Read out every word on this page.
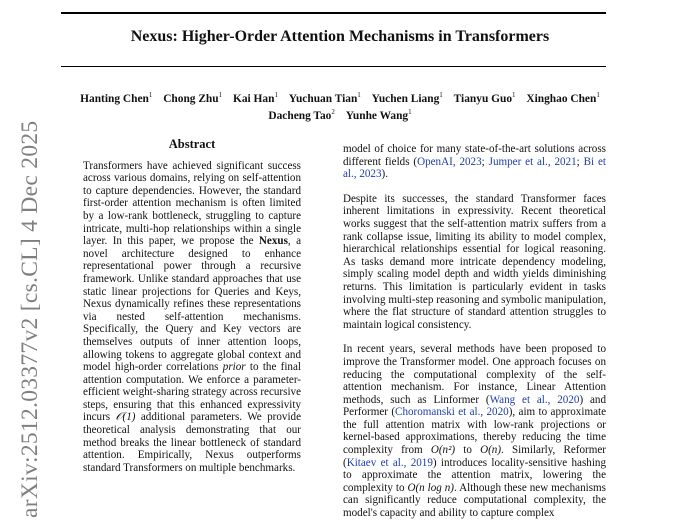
Nexus: Higher-Order Attention Mechanisms in Transformers
Hanting Chen$^1$ Chong Zhu$^1$ Kai Han$^1$ Yuchuan Tian$^1$ Yuchen Liang$^1$ Tianyu Guo$^1$ Xinghao Chen$^1$
Dacheng Tao$^2$ Yunhe Wang$^1$
arXiv:2512.03377v2 [cs.CL] 4 Dec 2025	Abstract

Transformers have achieved significant success across various domains, relying on self-attention to capture dependencies. However, the standard first-order attention mechanism is often limited by a low-rank bottleneck, struggling to capture intricate, multi-hop relationships within a single layer. In this paper, we propose the Nexus, a novel architecture designed to enhance representational power through a recursive framework. Unlike standard approaches that use static linear projections for Queries and Keys, Nexus dynamically refines these representations via nested self-attention mechanisms. Specifically, the Query and Key vectors are themselves outputs of inner attention loops, allowing tokens to aggregate global context and model high-order correlations prior to the final attention computation. We enforce a parameter-efficient weight-sharing strategy across recursive steps, ensuring that this enhanced expressivity incurs 𝒪(1) additional parameters. We provide theoretical analysis demonstrating that our method breaks the linear bottleneck of standard attention. Empirically, Nexus outperforms standard Transformers on multiple benchmarks.

model of choice for many state-of-the-art solutions across different fields (OpenAI, 2023; Jumper et al., 2021; Bi et al., 2023).

Despite its successes, the standard Transformer faces inherent limitations in expressivity. Recent theoretical works suggest that the self-attention matrix suffers from a rank collapse issue, limiting its ability to model complex, hierarchical relationships essential for logical reasoning. As tasks demand more intricate dependency modeling, simply scaling model depth and width yields diminishing returns. This limitation is particularly evident in tasks involving multi-step reasoning and symbolic manipulation, where the flat structure of standard attention struggles to maintain logical consistency.

In recent years, several methods have been proposed to improve the Transformer model. One approach focuses on reducing the computational complexity of the self-attention mechanism. For instance, Linear Attention methods, such as Linformer (Wang et al., 2020) and Performer (Choromanski et al., 2020), aim to approximate the full attention matrix with low-rank projections or kernel-based approximations, thereby reducing the time complexity from O(n²) to O(n). Similarly, Reformer (Kitaev et al., 2019) introduces locality-sensitive hashing to approximate the attention matrix, lowering the complexity to O(n log n). Although these new mechanisms can significantly reduce computational complexity, the model's capacity and ability to capture complex
